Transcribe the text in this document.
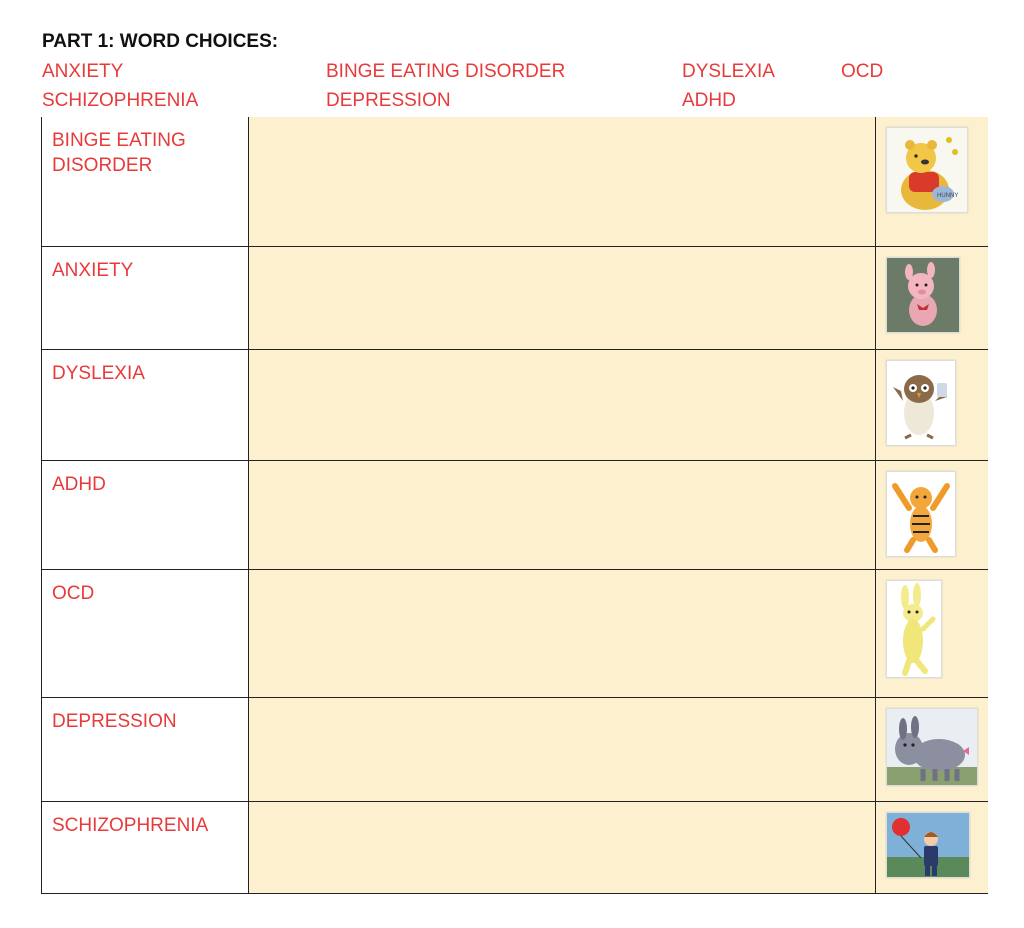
PART 1: WORD CHOICES:
ANXIETY	BINGE EATING DISORDER	DYSLEXIA	OCD
SCHIZOPHRENIA	DEPRESSION	ADHD
BINGE EATING DISORDER		HUNNY

ANXIETY

DYSLEXIA

ADHD

OCD

DEPRESSION

SCHIZOPHRENIA
